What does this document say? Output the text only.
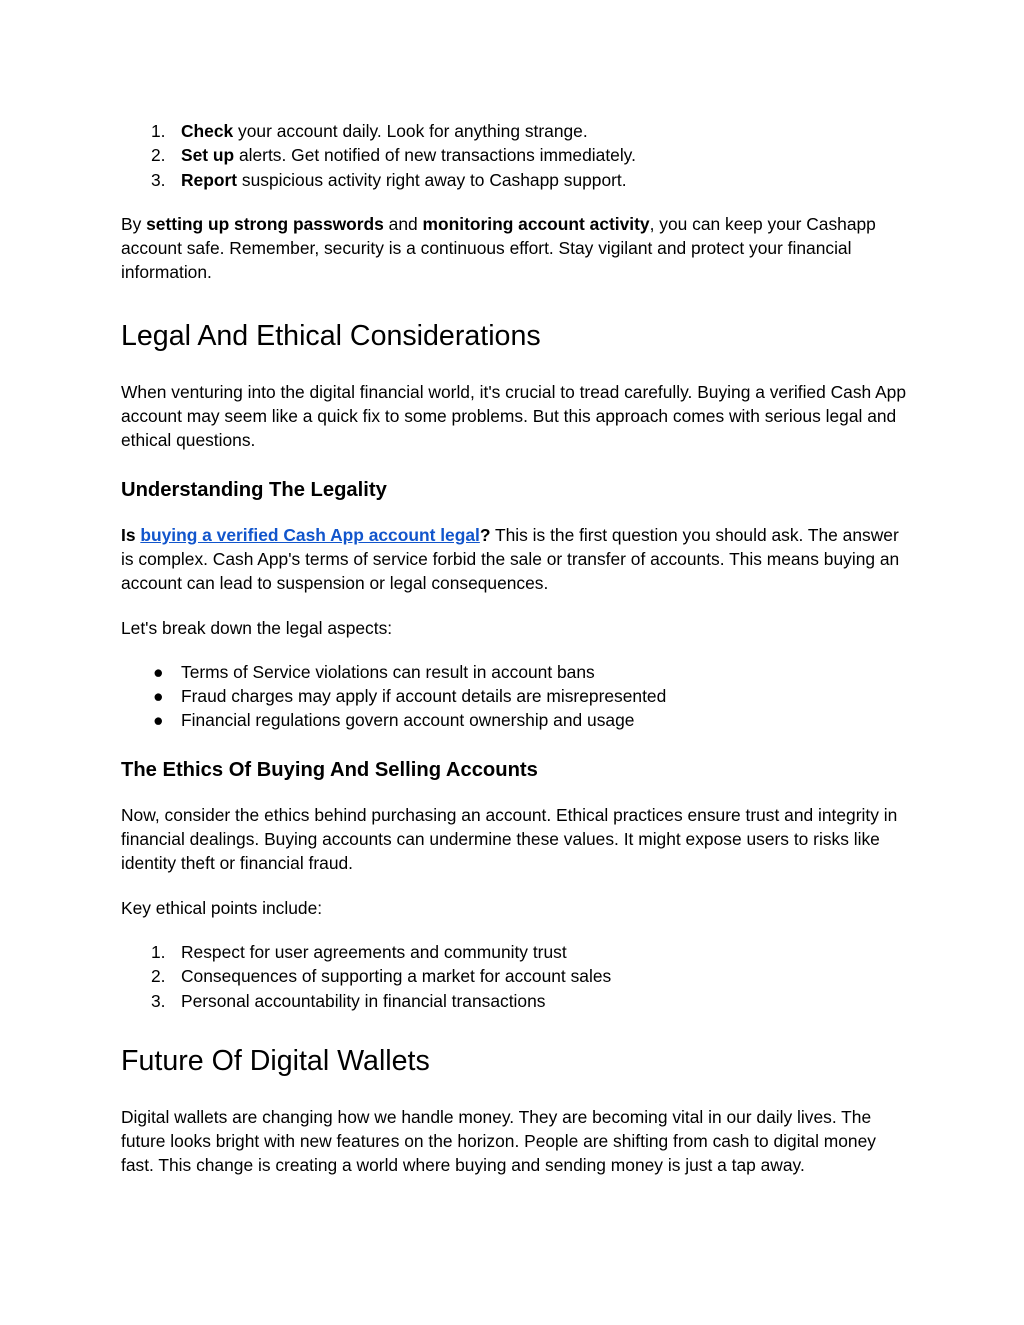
1. Check your account daily. Look for anything strange.
2. Set up alerts. Get notified of new transactions immediately.
3. Report suspicious activity right away to Cashapp support.

By setting up strong passwords and monitoring account activity, you can keep your Cashapp account safe. Remember, security is a continuous effort. Stay vigilant and protect your financial information.

Legal And Ethical Considerations

When venturing into the digital financial world, it's crucial to tread carefully. Buying a verified Cash App account may seem like a quick fix to some problems. But this approach comes with serious legal and ethical questions.

Understanding The Legality

Is buying a verified Cash App account legal? This is the first question you should ask. The answer is complex. Cash App's terms of service forbid the sale or transfer of accounts. This means buying an account can lead to suspension or legal consequences.

Let's break down the legal aspects:

● Terms of Service violations can result in account bans
● Fraud charges may apply if account details are misrepresented
● Financial regulations govern account ownership and usage
The Ethics Of Buying And Selling Accounts

Now, consider the ethics behind purchasing an account. Ethical practices ensure trust and integrity in financial dealings. Buying accounts can undermine these values. It might expose users to risks like identity theft or financial fraud.

Key ethical points include:

1. Respect for user agreements and community trust
2. Consequences of supporting a market for account sales
3. Personal accountability in financial transactions
Future Of Digital Wallets

Digital wallets are changing how we handle money. They are becoming vital in our daily lives. The future looks bright with new features on the horizon. People are shifting from cash to digital money fast. This change is creating a world where buying and sending money is just a tap away.
